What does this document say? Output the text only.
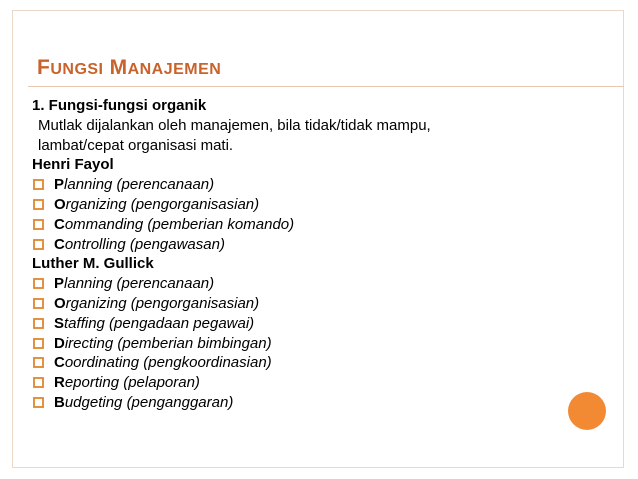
FUNGSI MANAJEMEN
1. Fungsi-fungsi organik
Mutlak dijalankan oleh manajemen, bila tidak/tidak mampu,
lambat/cepat organisasi mati.
Henri Fayol
Planning (perencanaan)
Organizing (pengorganisasian)
Commanding (pemberian komando)
Controlling (pengawasan)
Luther M. Gullick
Planning (perencanaan)
Organizing (pengorganisasian)
Staffing (pengadaan pegawai)
Directing (pemberian bimbingan)
Coordinating (pengkoordinasian)
Reporting (pelaporan)
Budgeting (penganggaran)
